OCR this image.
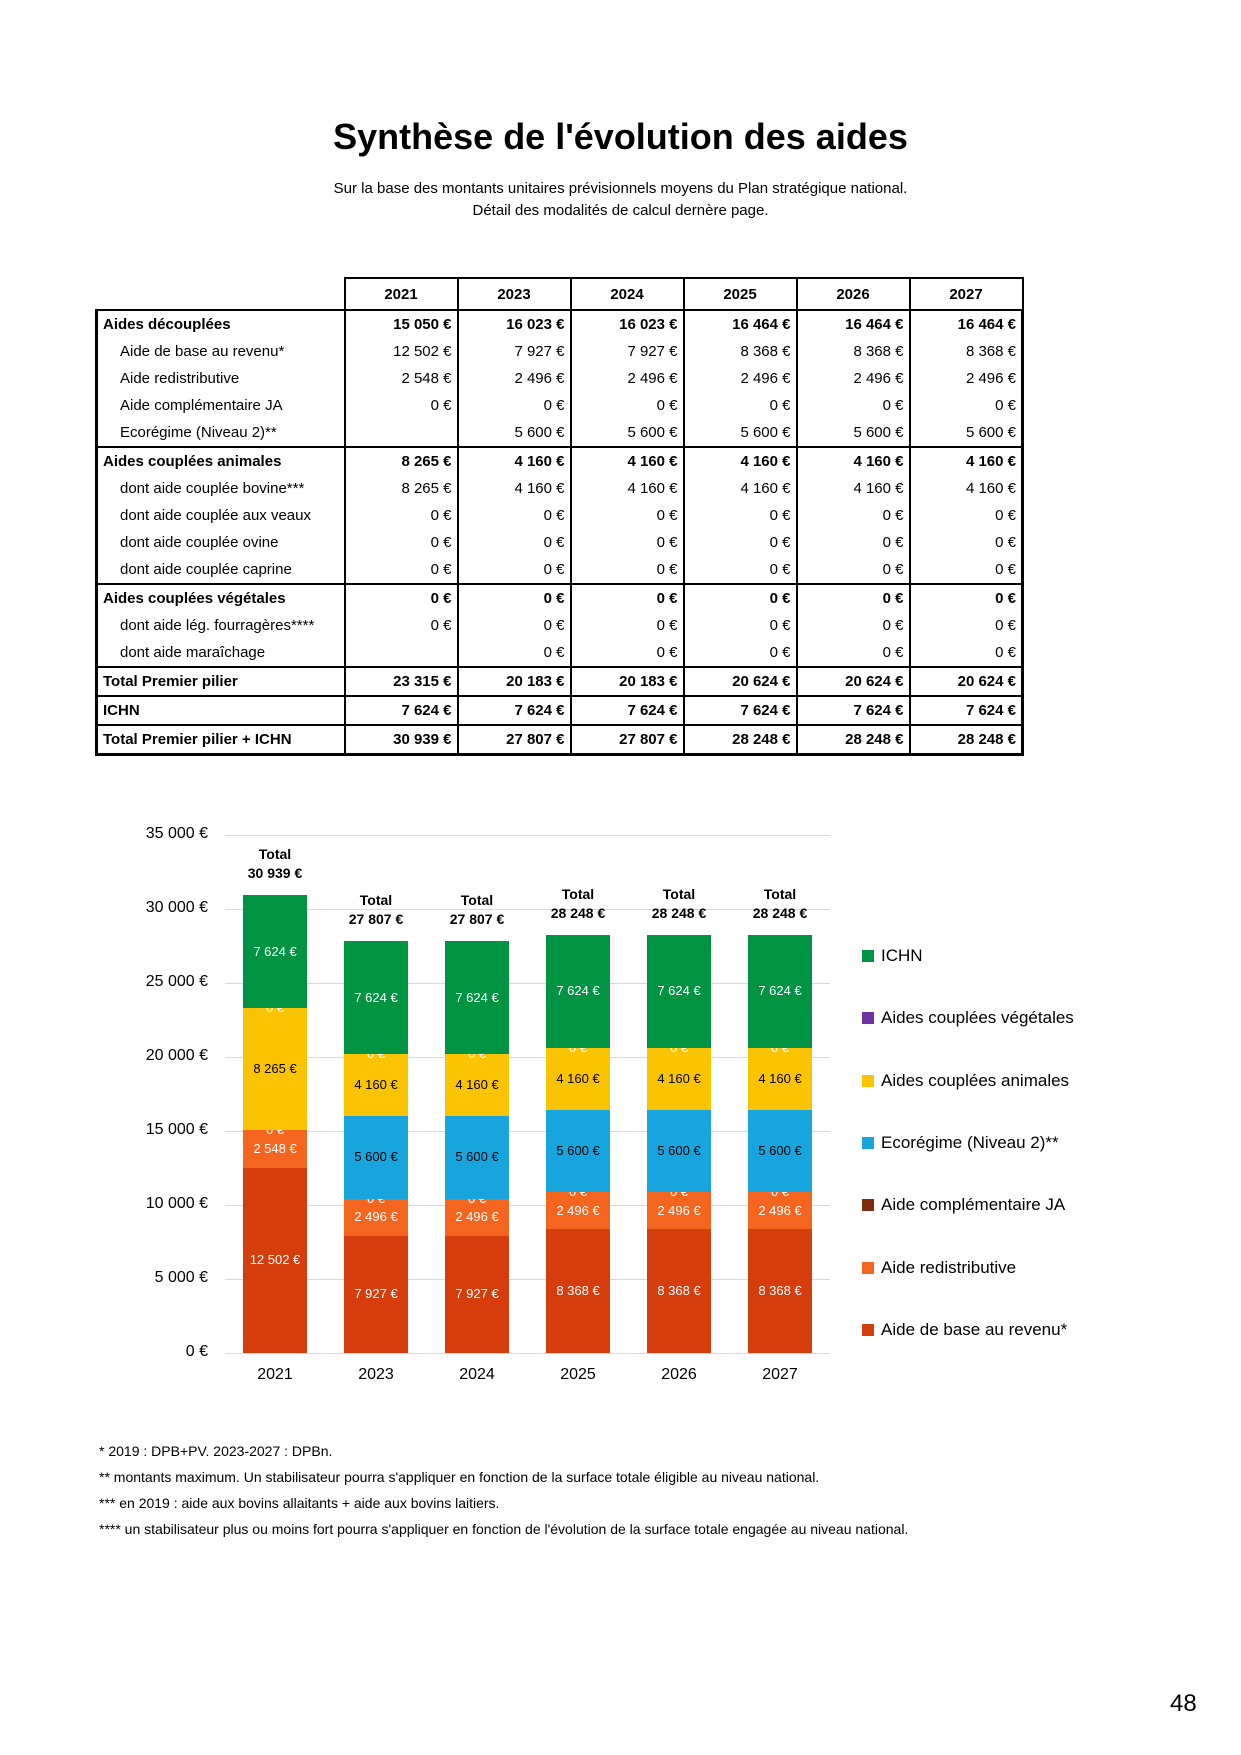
Synthèse de l'évolution des aides
Sur la base des montants unitaires prévisionnels moyens du Plan stratégique national.
Détail des modalités de calcul dernère page.
	2021	2023	2024	2025	2026	2027
Aides découplées	15 050 €	16 023 €	16 023 €	16 464 €	16 464 €	16 464 €
Aide de base au revenu*	12 502 €	7 927 €	7 927 €	8 368 €	8 368 €	8 368 €
Aide redistributive	2 548 €	2 496 €	2 496 €	2 496 €	2 496 €	2 496 €
Aide complémentaire JA	0 €	0 €	0 €	0 €	0 €	0 €
Ecorégime (Niveau 2)**		5 600 €	5 600 €	5 600 €	5 600 €	5 600 €
Aides couplées animales	8 265 €	4 160 €	4 160 €	4 160 €	4 160 €	4 160 €
dont aide couplée bovine***	8 265 €	4 160 €	4 160 €	4 160 €	4 160 €	4 160 €
dont aide couplée aux veaux	0 €	0 €	0 €	0 €	0 €	0 €
dont aide couplée ovine	0 €	0 €	0 €	0 €	0 €	0 €
dont aide couplée caprine	0 €	0 €	0 €	0 €	0 €	0 €
Aides couplées végétales	0 €	0 €	0 €	0 €	0 €	0 €
dont aide lég. fourragères****	0 €	0 €	0 €	0 €	0 €	0 €
dont aide maraîchage		0 €	0 €	0 €	0 €	0 €
Total Premier pilier	23 315 €	20 183 €	20 183 €	20 624 €	20 624 €	20 624 €
ICHN	7 624 €	7 624 €	7 624 €	7 624 €	7 624 €	7 624 €
Total Premier pilier + ICHN	30 939 €	27 807 €	27 807 €	28 248 €	28 248 €	28 248 €
0 €
5 000 €
10 000 €
15 000 €
20 000 €
25 000 €
30 000 €
35 000 €
12 502 €
2 548 €
8 265 €
7 624 €
Total
30 939 €
2021
7 927 €
2 496 €
5 600 €
4 160 €
7 624 €
Total
27 807 €
2023
7 927 €
2 496 €
5 600 €
4 160 €
7 624 €
Total
27 807 €
2024
8 368 €
2 496 €
5 600 €
4 160 €
7 624 €
Total
28 248 €
2025
8 368 €
2 496 €
5 600 €
4 160 €
7 624 €
Total
28 248 €
2026
8 368 €
2 496 €
5 600 €
4 160 €
7 624 €
Total
28 248 €
2027
ICHN
Aides couplées végétales
Aides couplées animales
Ecorégime (Niveau 2)**
Aide complémentaire JA
Aide redistributive
Aide de base au revenu*
* 2019 : DPB+PV. 2023-2027 : DPBn.
** montants maximum. Un stabilisateur pourra s'appliquer en fonction de la surface totale éligible au niveau national.
*** en 2019 : aide aux bovins allaitants + aide aux bovins laitiers.
**** un stabilisateur plus ou moins fort pourra s'appliquer en fonction de l'évolution de la surface totale engagée au niveau national.
48
